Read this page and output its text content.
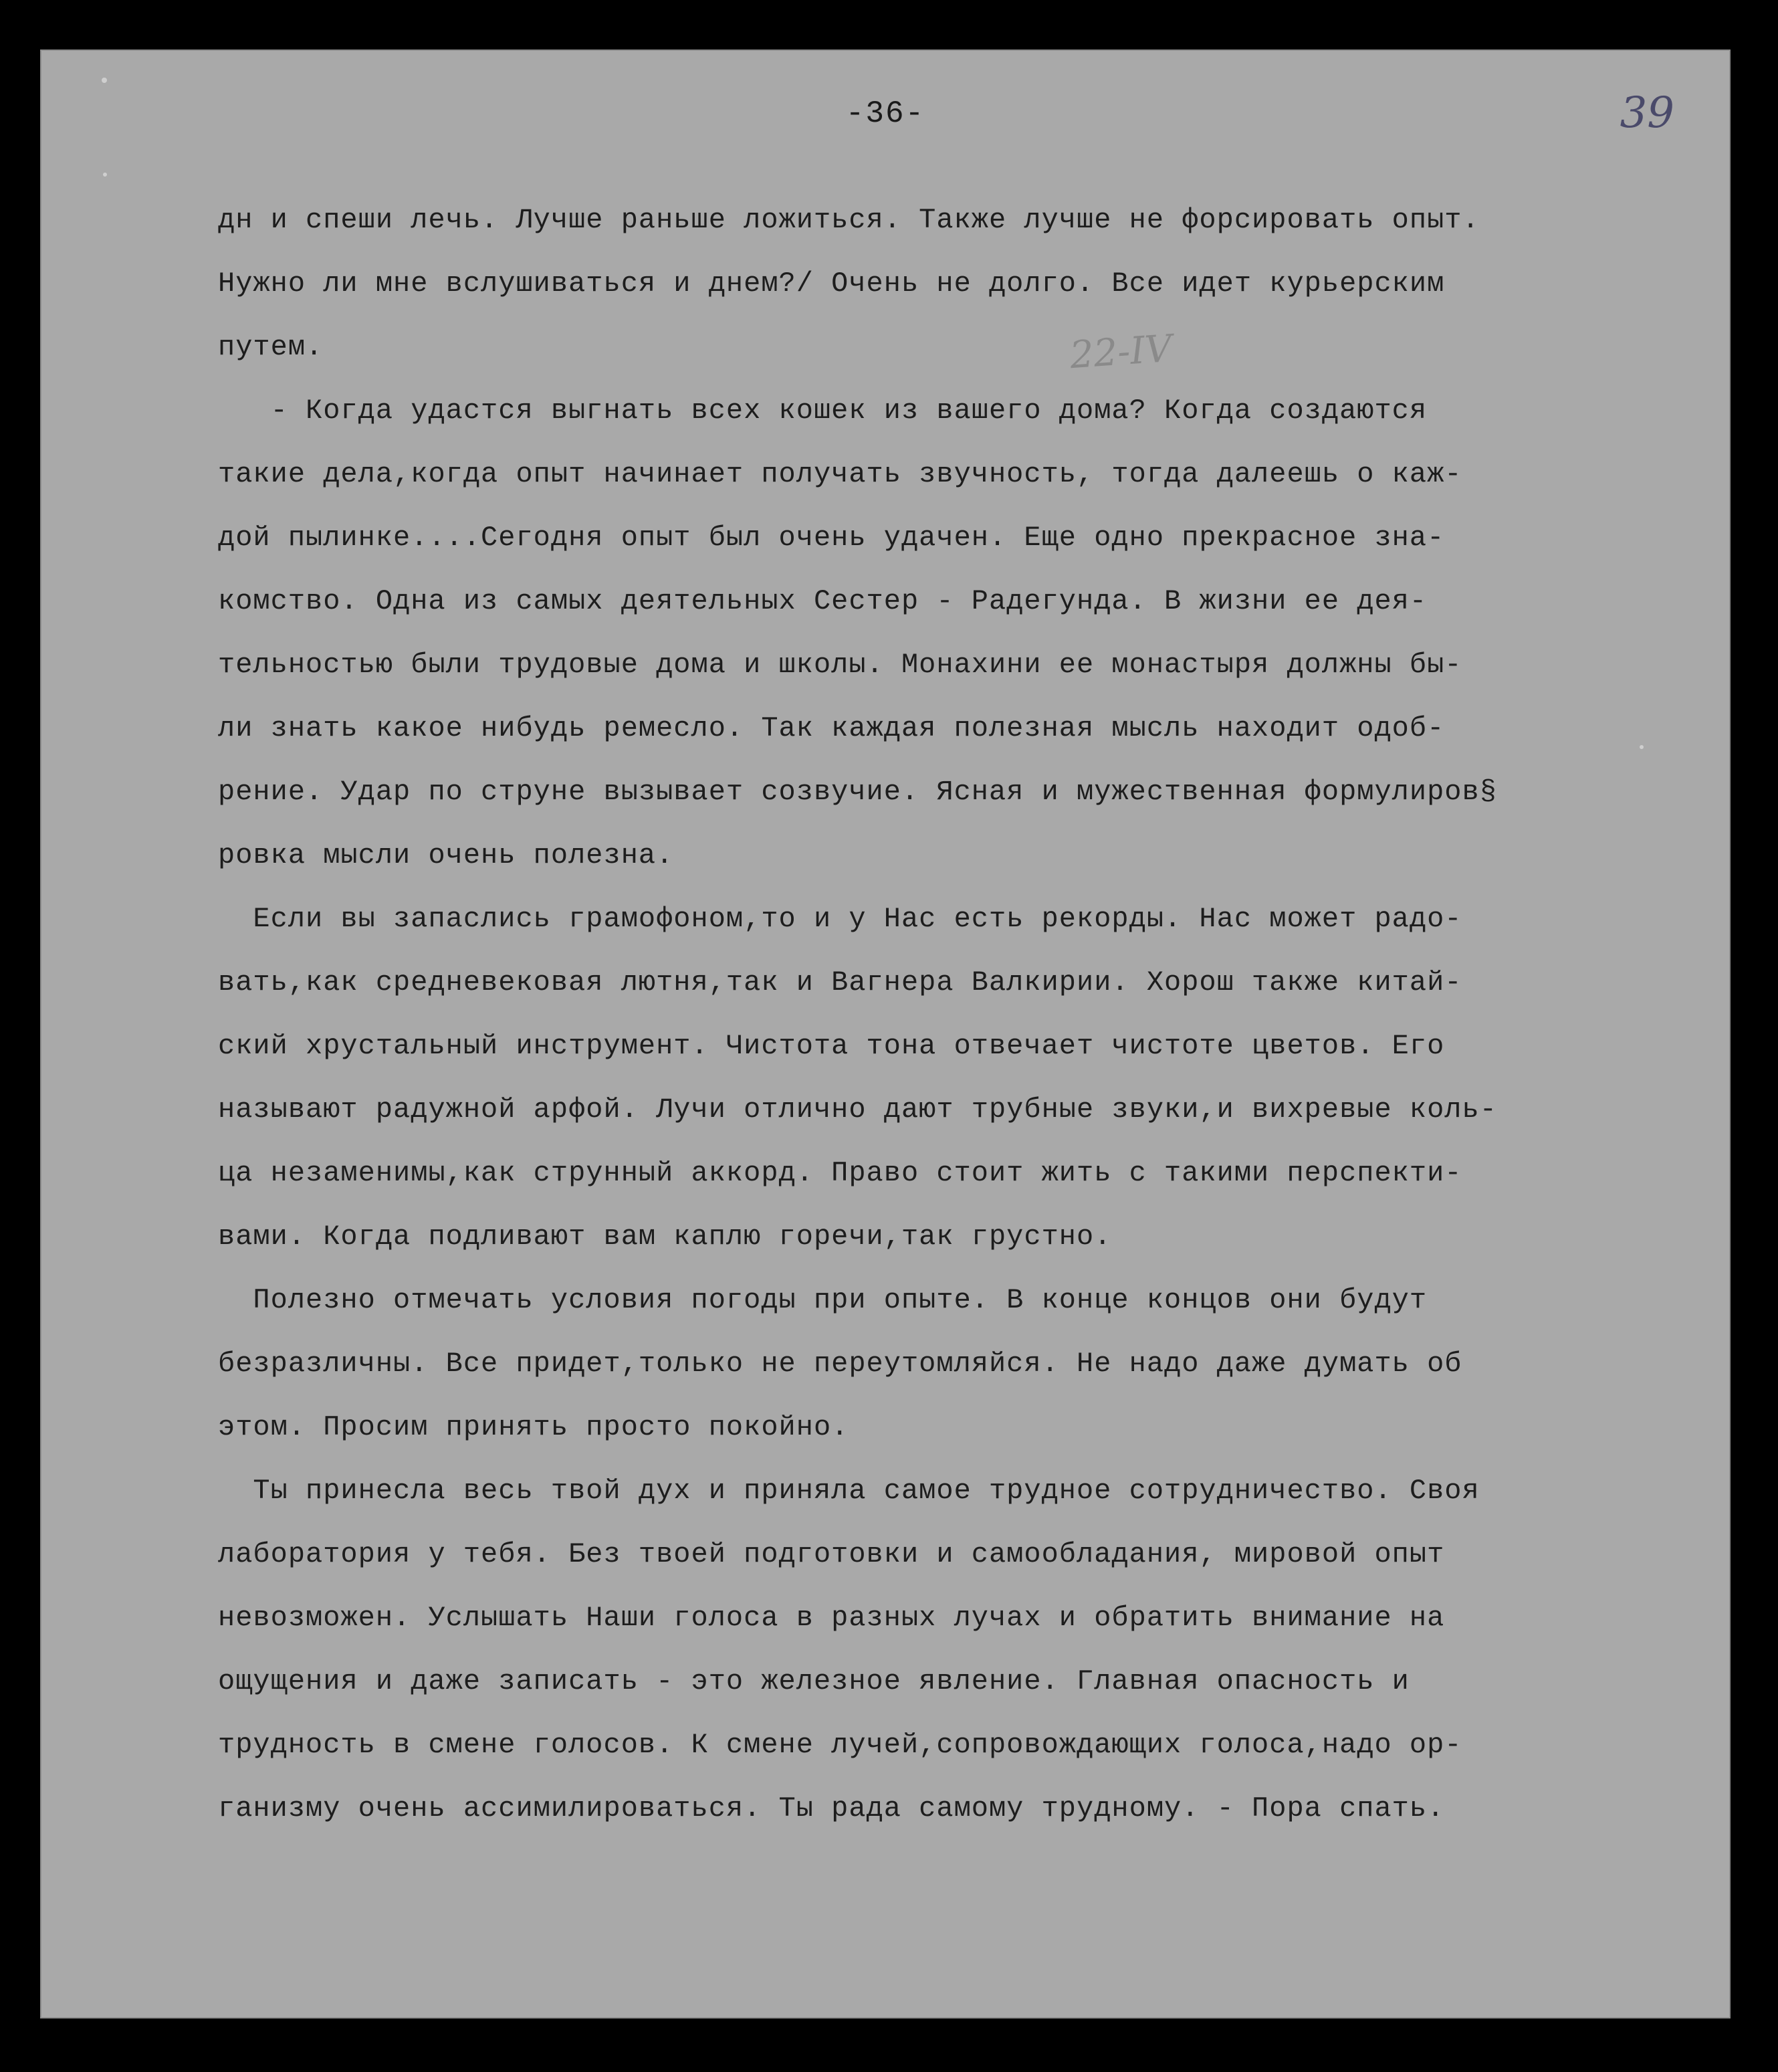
-36-	39
22-IV
дн и спеши лечь. Лучше раньше ложиться. Также лучше не форсировать опыт.
Нужно ли мне вслушиваться и днем?/ Очень не долго. Все идет курьерским
путем.
- Когда удастся выгнать всех кошек из вашего дома? Когда создаются
такие дела,когда опыт начинает получать звучность, тогда далеешь о каж-
дой пылинке....Сегодня опыт был очень удачен. Еще одно прекрасное зна-
комство. Одна из самых деятельных Сестер - Радегунда. В жизни ее дея-
тельностью были трудовые дома и школы. Монахини ее монастыря должны бы-
ли знать какое нибудь ремесло. Так каждая полезная мысль находит одоб-
рение. Удар по струне вызывает созвучие. Ясная и мужественная формулиров§
ровка мысли очень полезна.
Если вы запаслись грамофоном,то и у Нас есть рекорды. Нас может радо-
вать,как средневековая лютня,так и Вагнера Валкирии. Хорош также китай-
ский хрустальный инструмент. Чистота тона отвечает чистоте цветов. Его
называют радужной арфой. Лучи отлично дают трубные звуки,и вихревые коль-
ца незаменимы,как струнный аккорд. Право стоит жить с такими перспекти-
вами. Когда подливают вам каплю горечи,так грустно.
Полезно отмечать условия погоды при опыте. В конце концов они будут
безразличны. Все придет,только не переутомляйся. Не надо даже думать об
этом. Просим принять просто покойно.
Ты принесла весь твой дух и приняла самое трудное сотрудничество. Своя
лаборатория у тебя. Без твоей подготовки и самообладания, мировой опыт
невозможен. Услышать Наши голоса в разных лучах и обратить внимание на
ощущения и даже записать - это железное явление. Главная опасность и
трудность в смене голосов. К смене лучей,сопровождающих голоса,надо ор-
ганизму очень ассимилироваться. Ты рада самому трудному. - Пора спать.
